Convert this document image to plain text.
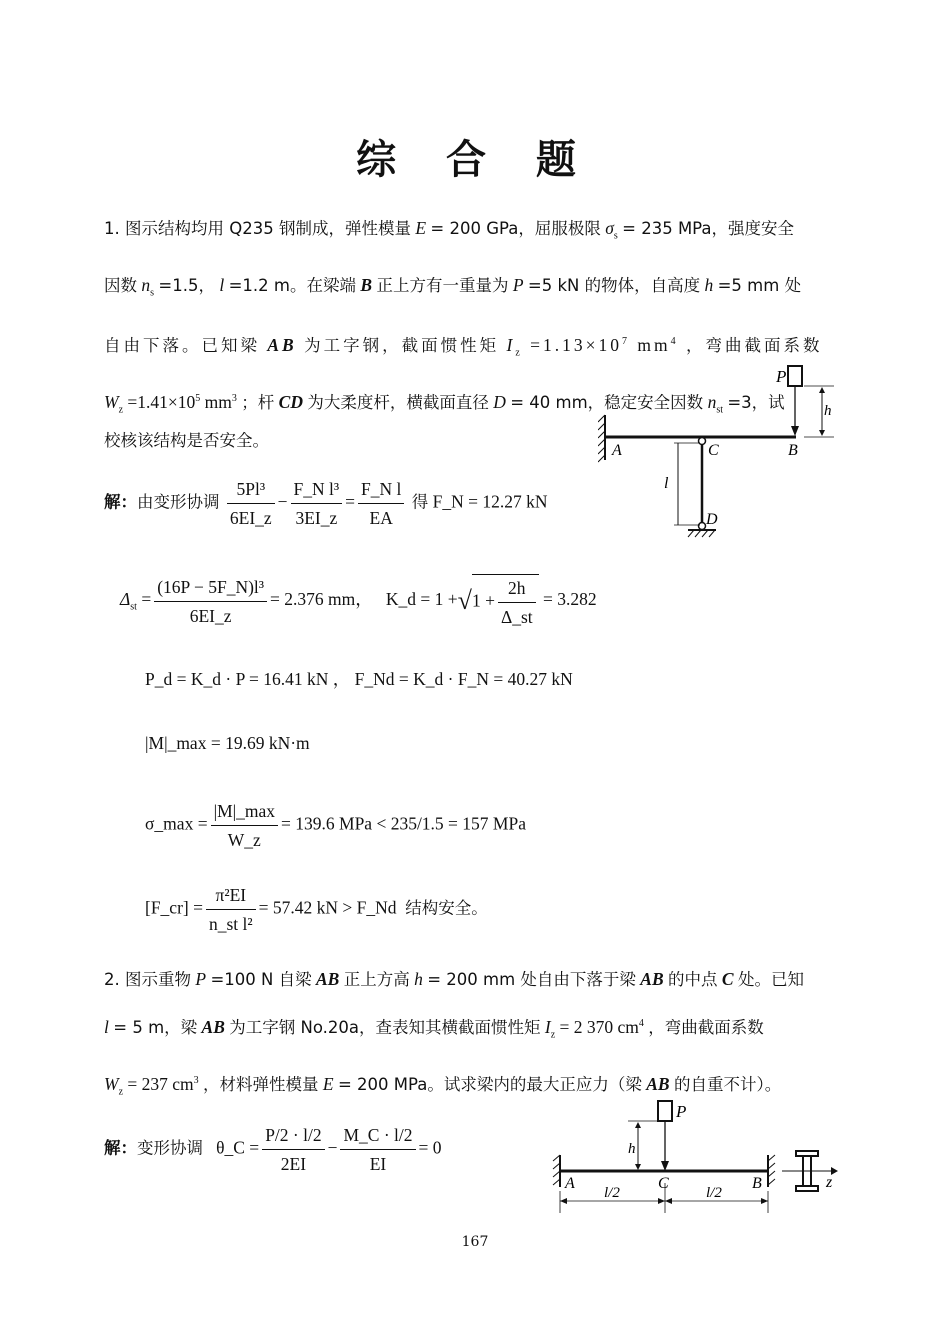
综 合 题
1. 图示结构均用 Q235 钢制成，弹性模量 E = 200 GPa，屈服极限 $\sigma_s = 235$ MPa，强度安全
因数 $n_s =1.5$， l =1.2 m。在梁端 B 正上方有一重量为 P =5 kN 的物体，自高度 h =5 mm 处
自由下落。已知梁 AB 为工字钢，截面惯性矩 $I_z =1.13\times 10^7$ $mm^4$ ，弯曲截面系数
$W_z =1.41\times 10^5$ $mm^3$ ；杆 CD 为大柔度杆，横截面直径 D = 40 mm，稳定安全因数 $n_{st} =3$，试
校核该结构是否安全。
P
h
A	C	B
l
D
解：由变形协调 $\frac{\text{5Pl³}}{6EI\_z} - \frac{\text{F\_N l³}}{3EI\_z} = \frac{\text{F\_N l}}{EA}$ 得 F_N = 12.27 kN
$\Delta_{st} = \frac{\text{(16P − 5F\_N)l³}}{6EI\_z} = 2.376$ mm， K_d = $1 +√1 + \frac{2h}{\Delta\_st} = 3.282$
P_d = K_d · P = 16.41 kN ， F_Nd = K_d · F_N = 40.27 kN
|M|_max = 19.69 kN·m
σ_max = $\frac{|M|\_\max}{W\_z} = 139.6$ MPa < 235/1.5 = 157 MPa
[F_cr] = $\frac{\text{π²EI}}{\text{n\_st l²}} = 57.42$ kN > F_Nd 结构安全。
2. 图示重物 P =100 N 自梁 AB 正上方高 h = 200 mm 处自由下落于梁 AB 的中点 C 处。已知
l = 5 m，梁 AB 为工字钢 No.20a，查表知其横截面惯性矩 $I_z = 2$ 370 $cm^4$ ，弯曲截面系数
$W_z = 237$ $cm^3$ ，材料弹性模量 E = 200 MPa。试求梁内的最大正应力（梁 AB 的自重不计）。
解：变形协调 θ_C = $\frac{P/2 \cdot l/2}{2EI} - \frac{M\_C \cdot l/2}{EI} = 0$
P
h
A	C	B
l/2	l/2
z
167
